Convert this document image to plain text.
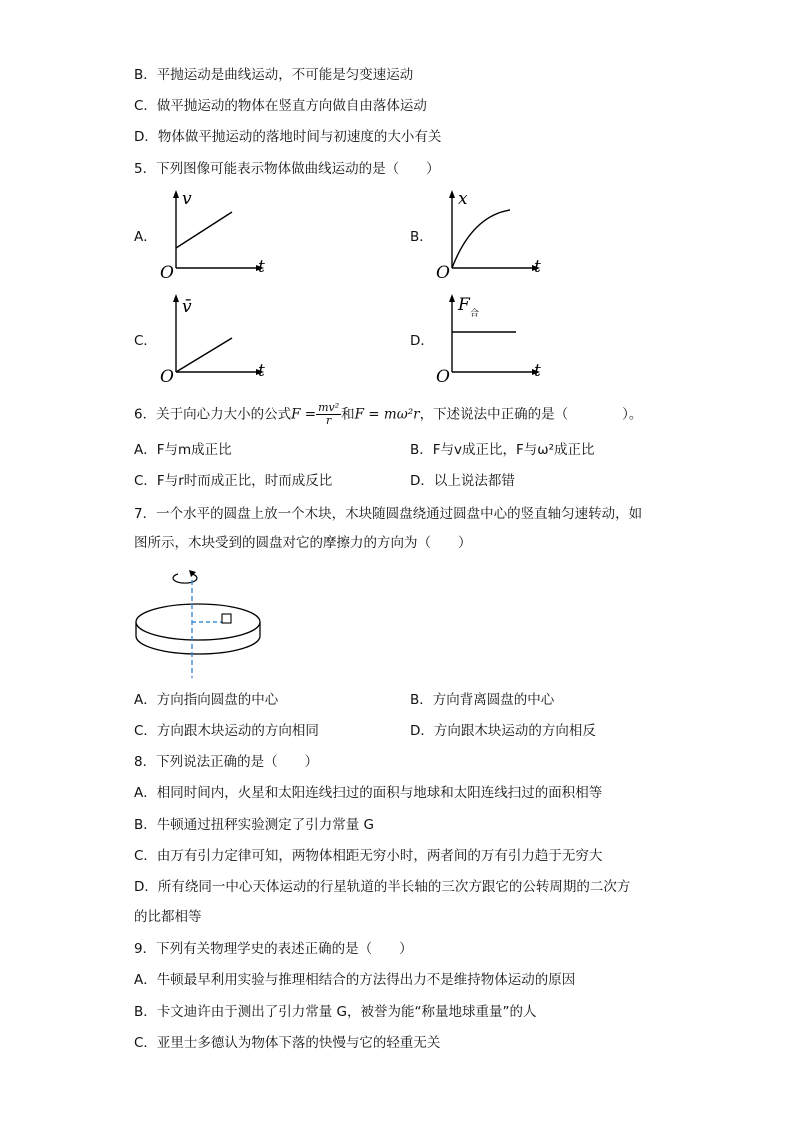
B．平抛运动是曲线运动，不可能是匀变速运动
C．做平抛运动的物体在竖直方向做自由落体运动
D．物体做平抛运动的落地时间与初速度的大小有关
5．下列图像可能表示物体做曲线运动的是（　　）
A．
v
t
O
B．
x
t
O
C．
v̄
t
O
D．
F 合
t
O
6．关于向心力大小的公式$F = \frac{\text{mv²}}{r}$ 和F = mω²r，下述说法中正确的是（　　　　）。
A．F与m成正比	B．F与v成正比，F与ω²成正比
C．F与r时而成正比，时而成反比	D．以上说法都错
7．一个水平的圆盘上放一个木块，木块随圆盘绕通过圆盘中心的竖直轴匀速转动，如
图所示，木块受到的圆盘对它的摩擦力的方向为（　　）
A．方向指向圆盘的中心	B．方向背离圆盘的中心
C．方向跟木块运动的方向相同	D．方向跟木块运动的方向相反
8．下列说法正确的是（　　）
A．相同时间内，火星和太阳连线扫过的面积与地球和太阳连线扫过的面积相等
B．牛顿通过扭秤实验测定了引力常量 G
C．由万有引力定律可知，两物体相距无穷小时，两者间的万有引力趋于无穷大
D．所有绕同一中心天体运动的行星轨道的半长轴的三次方跟它的公转周期的二次方
的比都相等
9．下列有关物理学史的表述正确的是（　　）
A．牛顿最早利用实验与推理相结合的方法得出力不是维持物体运动的原因
B．卡文迪许由于测出了引力常量 G，被誉为能“称量地球重量”的人
C．亚里士多德认为物体下落的快慢与它的轻重无关
